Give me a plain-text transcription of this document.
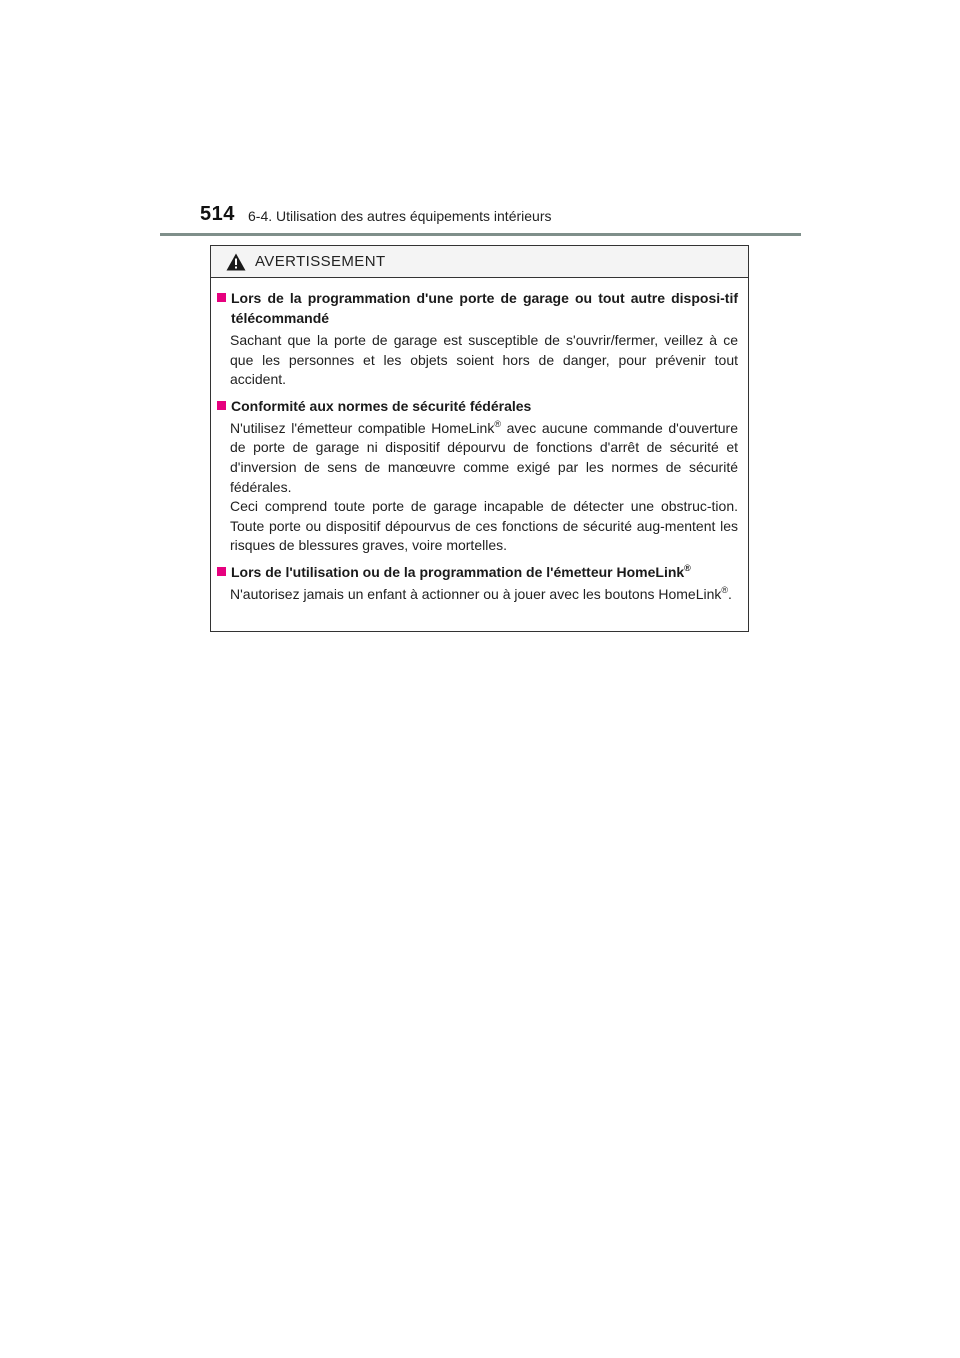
514 6-4. Utilisation des autres équipements intérieurs
AVERTISSEMENT
Lors de la programmation d'une porte de garage ou tout autre disposi-tif télécommandé

Sachant que la porte de garage est susceptible de s'ouvrir/fermer, veillez à ce que les personnes et les objets soient hors de danger, pour prévenir tout accident.

Conformité aux normes de sécurité fédérales

N'utilisez l'émetteur compatible HomeLink® avec aucune commande d'ouverture de porte de garage ni dispositif dépourvu de fonctions d'arrêt de sécurité et d'inversion de sens de manœuvre comme exigé par les normes de sécurité fédérales.

Ceci comprend toute porte de garage incapable de détecter une obstruc-tion. Toute porte ou dispositif dépourvus de ces fonctions de sécurité aug-mentent les risques de blessures graves, voire mortelles.

Lors de l'utilisation ou de la programmation de l'émetteur HomeLink®

N'autorisez jamais un enfant à actionner ou à jouer avec les boutons HomeLink®.
